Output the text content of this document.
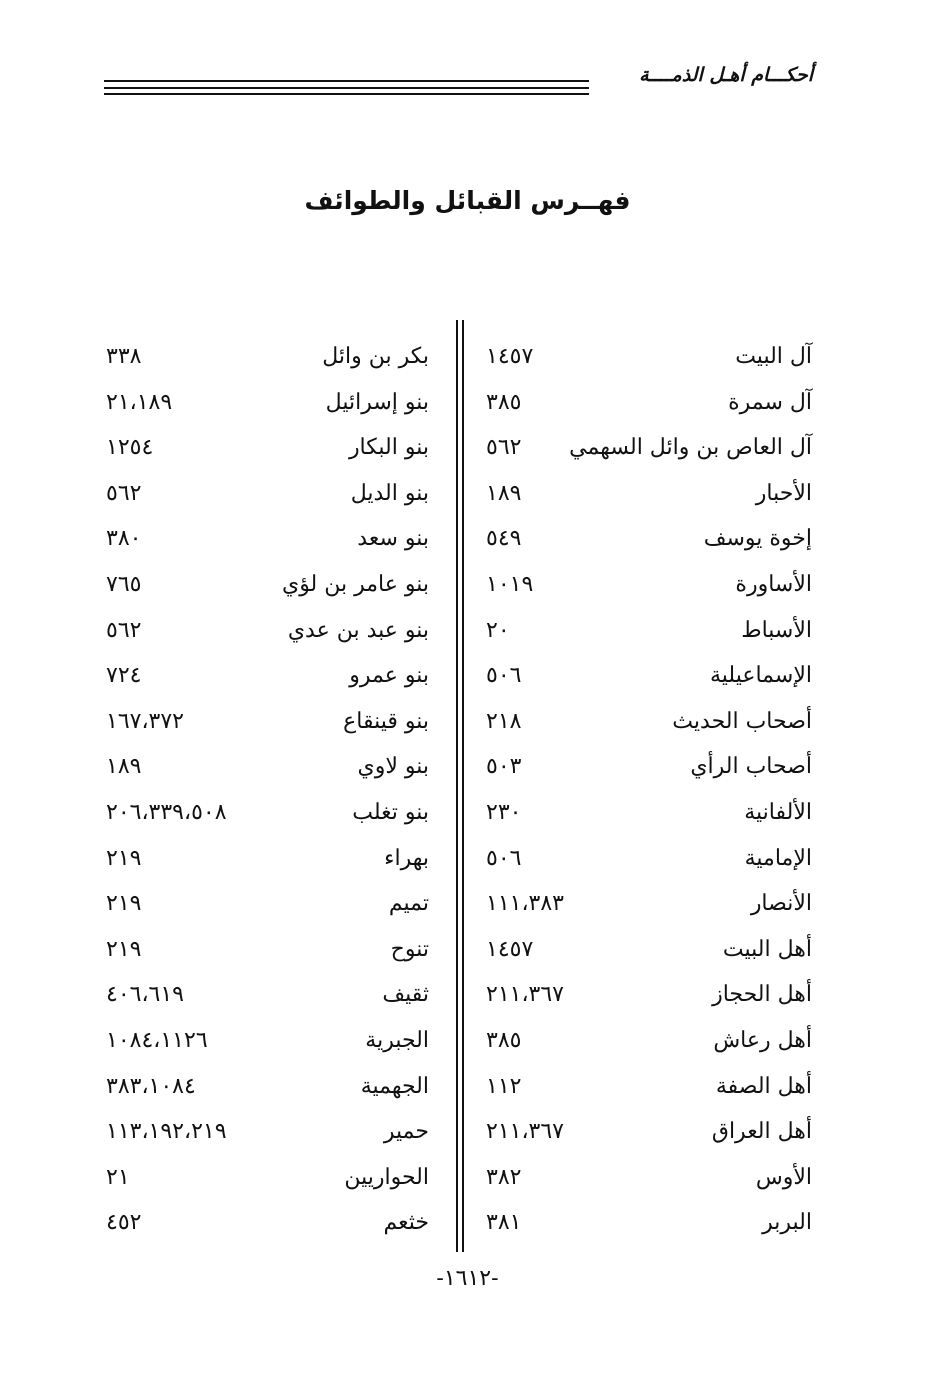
أحكـــام أهـل الذمــــة
فهــرس القبائل والطوائف
آل البيت
١٤٥٧
آل سمرة
٣٨٥
آل العاص بن وائل السهمي
٥٦٢
الأحبار
١٨٩
إخوة يوسف
٥٤٩
الأساورة
١٠١٩
الأسباط
٢٠
الإسماعيلية
٥٠٦
أصحاب الحديث
٢١٨
أصحاب الرأي
٥٠٣
الألفانية
٢٣٠
الإمامية
٥٠٦
الأنصار
١١١،٣٨٣
أهل البيت
١٤٥٧
أهل الحجاز
٢١١،٣٦٧
أهل رعاش
٣٨٥
أهل الصفة
١١٢
أهل العراق
٢١١،٣٦٧
الأوس
٣٨٢
البربر
٣٨١
بكر بن وائل
٣٣٨
بنو إسرائيل
٢١،١٨٩
بنو البكار
١٢٥٤
بنو الديل
٥٦٢
بنو سعد
٣٨٠
بنو عامر بن لؤي
٧٦٥
بنو عبد بن عدي
٥٦٢
بنو عمرو
٧٢٤
بنو قينقاع
١٦٧،٣٧٢
بنو لاوي
١٨٩
بنو تغلب
٢٠٦،٣٣٩،٥٠٨
بهراء
٢١٩
تميم
٢١٩
تنوح
٢١٩
ثقيف
٤٠٦،٦١٩
الجبرية
١٠٨٤،١١٢٦
الجهمية
٣٨٣،١٠٨٤
حمير
١١٣،١٩٢،٢١٩
الحواريين
٢١
خثعم
٤٥٢
-١٦١٢-
